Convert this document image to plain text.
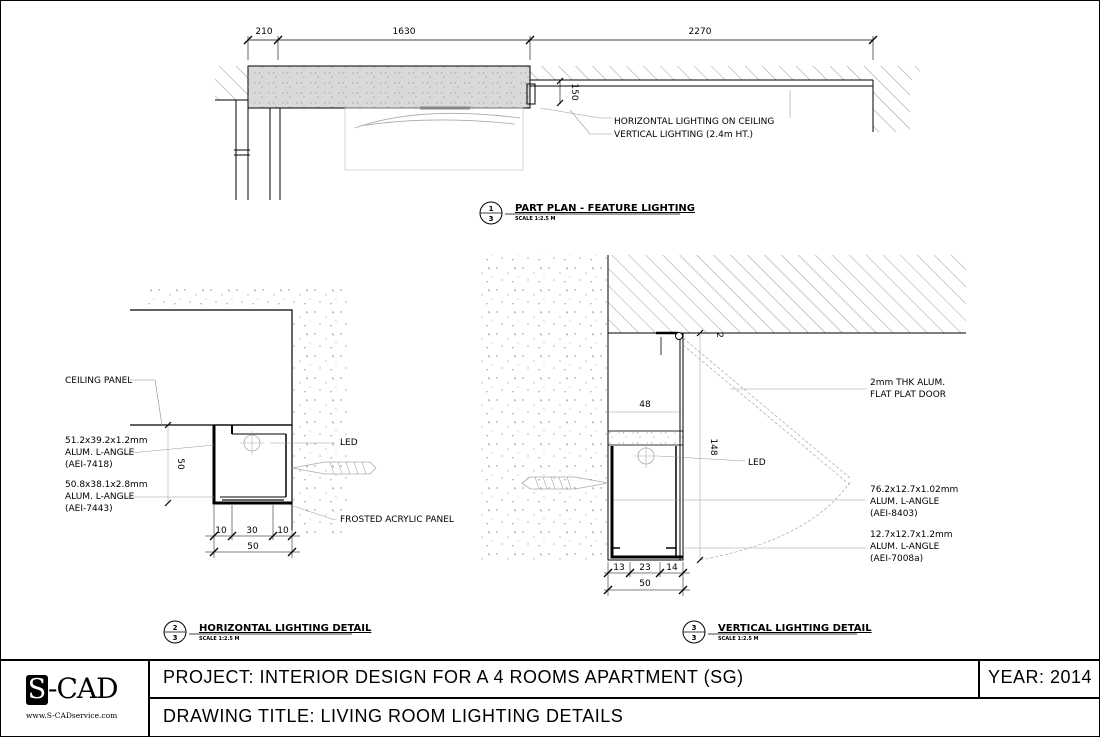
210	1630	2270
150
HORIZONTAL LIGHTING ON CEILING
VERTICAL LIGHTING (2.4m HT.)
1
3
PART PLAN - FEATURE LIGHTING
SCALE 1:2.5 M
CEILING PANEL
51.2x39.2x1.2mm
ALUM. L-ANGLE
(AEI-7418)
50.8x38.1x2.8mm
ALUM. L-ANGLE
(AEI-7443)
LED
FROSTED ACRYLIC PANEL
50
10 30 10
50
2
3
HORIZONTAL LIGHTING DETAIL
SCALE 1:2.5 M
2mm THK ALUM.
FLAT PLAT DOOR
LED
76.2x12.7x1.02mm
ALUM. L-ANGLE
(AEI-8403)
12.7x12.7x1.2mm
ALUM. L-ANGLE
(AEI-7008a)
48
148
2
13 23 14
50
3
3
VERTICAL LIGHTING DETAIL
SCALE 1:2.5 M
S -CAD
www.S-CADservice.com
PROJECT: INTERIOR DESIGN FOR A 4 ROOMS APARTMENT (SG)	YEAR: 2014
DRAWING TITLE: LIVING ROOM LIGHTING DETAILS
